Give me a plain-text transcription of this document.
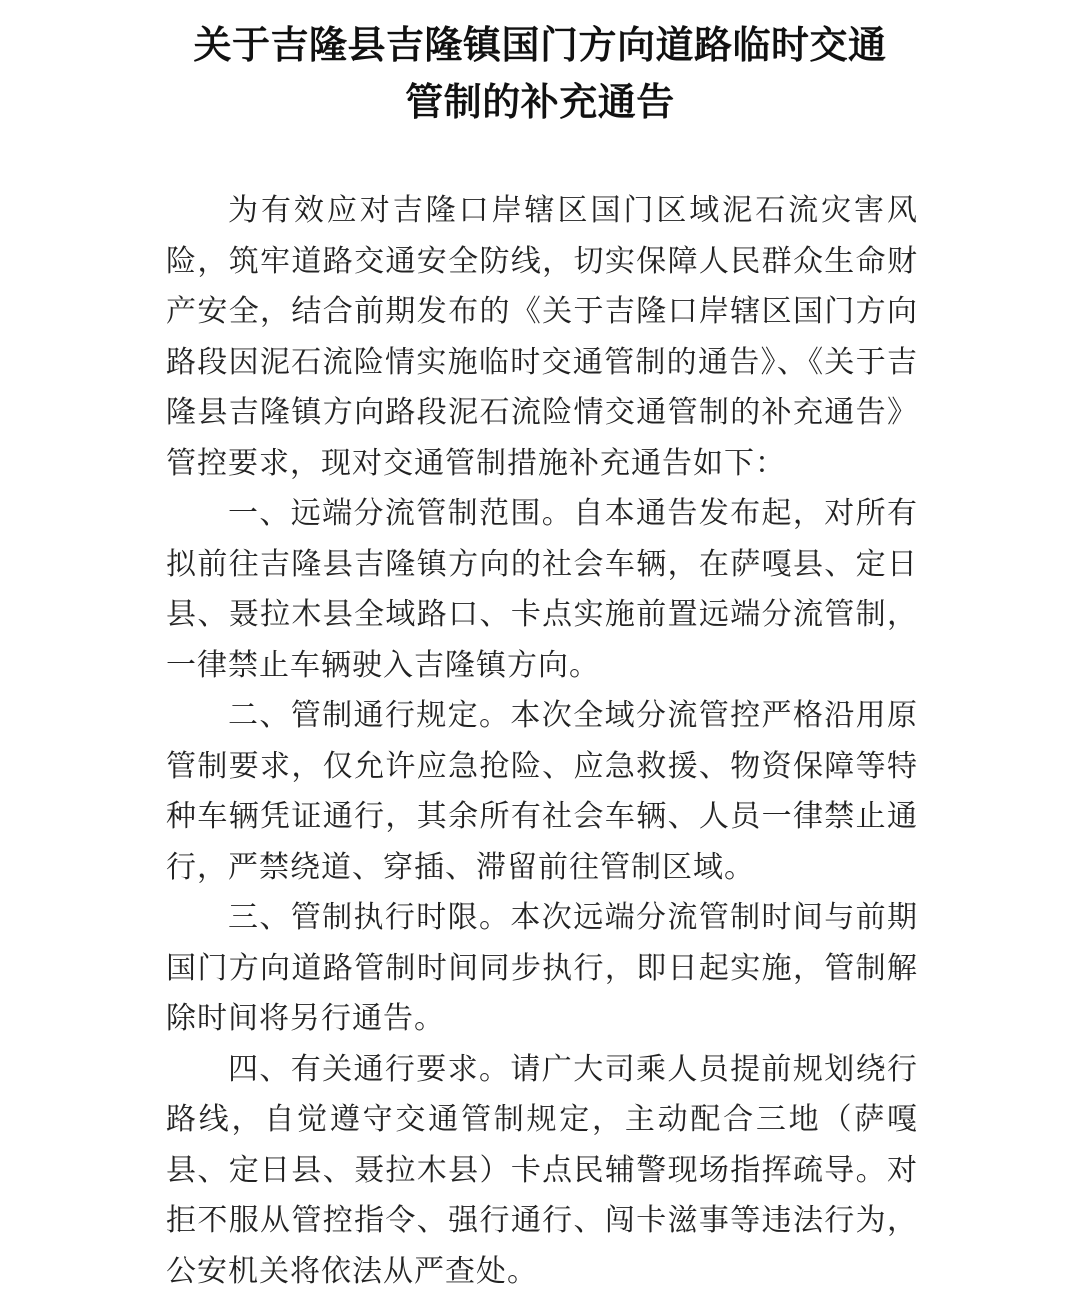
关于吉隆县吉隆镇国门方向道路临时交通
管制的补充通告

为有效应对吉隆口岸辖区国门区域泥石流灾害风险，筑牢道路交通安全防线，切实保障人民群众生命财产安全，结合前期发布的《关于吉隆口岸辖区国门方向路段因泥石流险情实施临时交通管制的通告》、《关于吉隆县吉隆镇方向路段泥石流险情交通管制的补充通告》管控要求，现对交通管制措施补充通告如下：

一、远端分流管制范围。自本通告发布起，对所有拟前往吉隆县吉隆镇方向的社会车辆，在萨嘎县、定日县、聂拉木县全域路口、卡点实施前置远端分流管制，一律禁止车辆驶入吉隆镇方向。

二、管制通行规定。本次全域分流管控严格沿用原管制要求，仅允许应急抢险、应急救援、物资保障等特种车辆凭证通行，其余所有社会车辆、人员一律禁止通行，严禁绕道、穿插、滞留前往管制区域。

三、管制执行时限。本次远端分流管制时间与前期国门方向道路管制时间同步执行，即日起实施，管制解除时间将另行通告。

四、有关通行要求。请广大司乘人员提前规划绕行路线，自觉遵守交通管制规定，主动配合三地（萨嘎县、定日县、聂拉木县）卡点民辅警现场指挥疏导。对拒不服从管控指令、强行通行、闯卡滋事等违法行为，公安机关将依法从严查处。
